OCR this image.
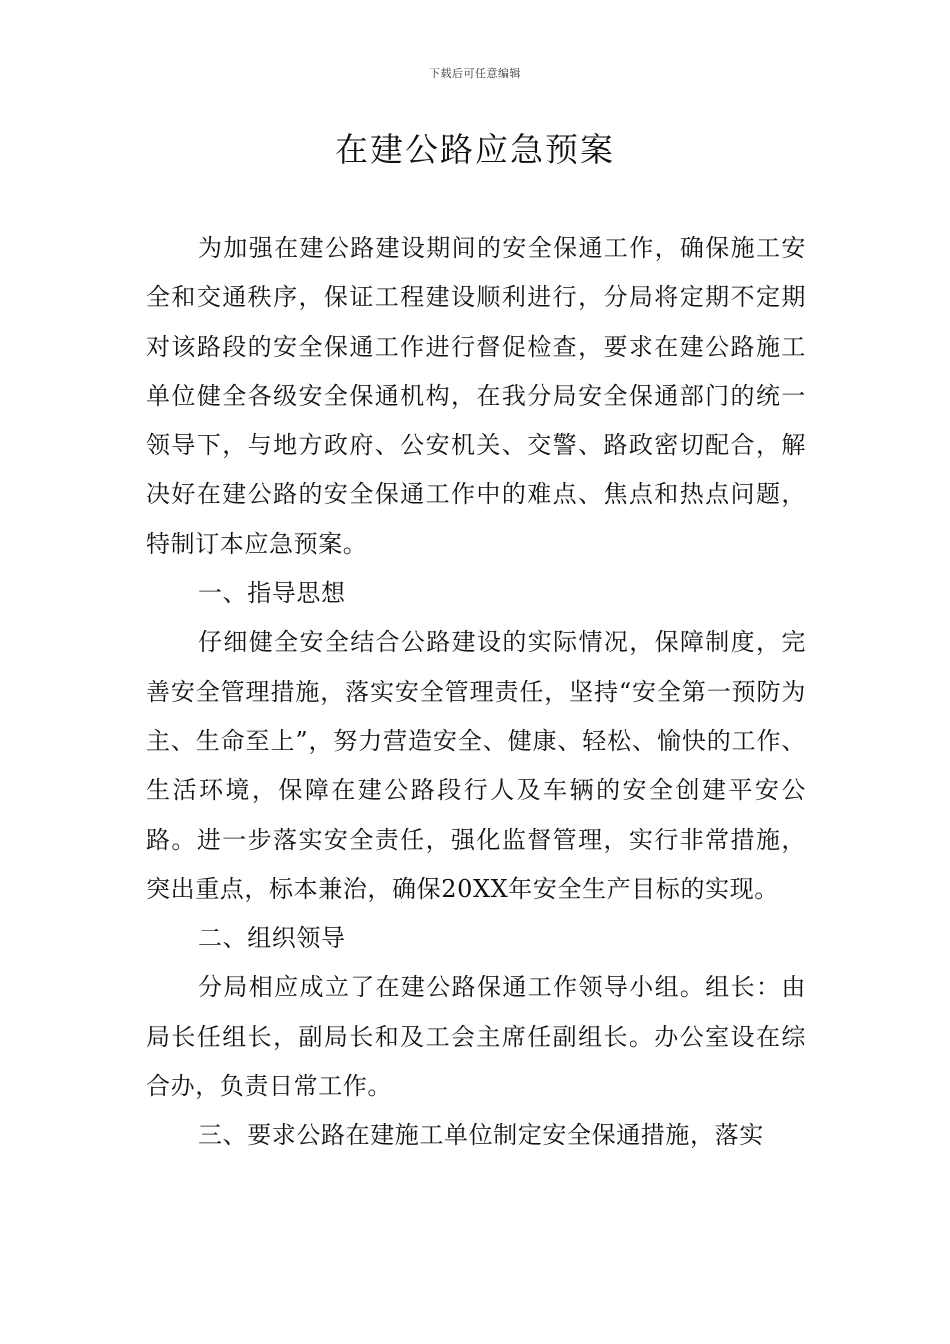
下载后可任意编辑
在建公路应急预案

为加强在建公路建设期间的安全保通工作，确保施工安全和交通秩序，保证工程建设顺利进行，分局将定期不定期对该路段的安全保通工作进行督促检查，要求在建公路施工单位健全各级安全保通机构，在我分局安全保通部门的统一领导下，与地方政府、公安机关、交警、路政密切配合，解决好在建公路的安全保通工作中的难点、焦点和热点问题，特制订本应急预案。

一、指导思想

仔细健全安全结合公路建设的实际情况，保障制度，完善安全管理措施，落实安全管理责任，坚持“安全第一预防为主、生命至上”，努力营造安全、健康、轻松、愉快的工作、生活环境，保障在建公路段行人及车辆的安全创建平安公路。进一步落实安全责任，强化监督管理，实行非常措施，突出重点，标本兼治，确保20XX年安全生产目标的实现。

二、组织领导

分局相应成立了在建公路保通工作领导小组。组长：由局长任组长，副局长和及工会主席任副组长。办公室设在综合办，负责日常工作。

三、要求公路在建施工单位制定安全保通措施，落实
